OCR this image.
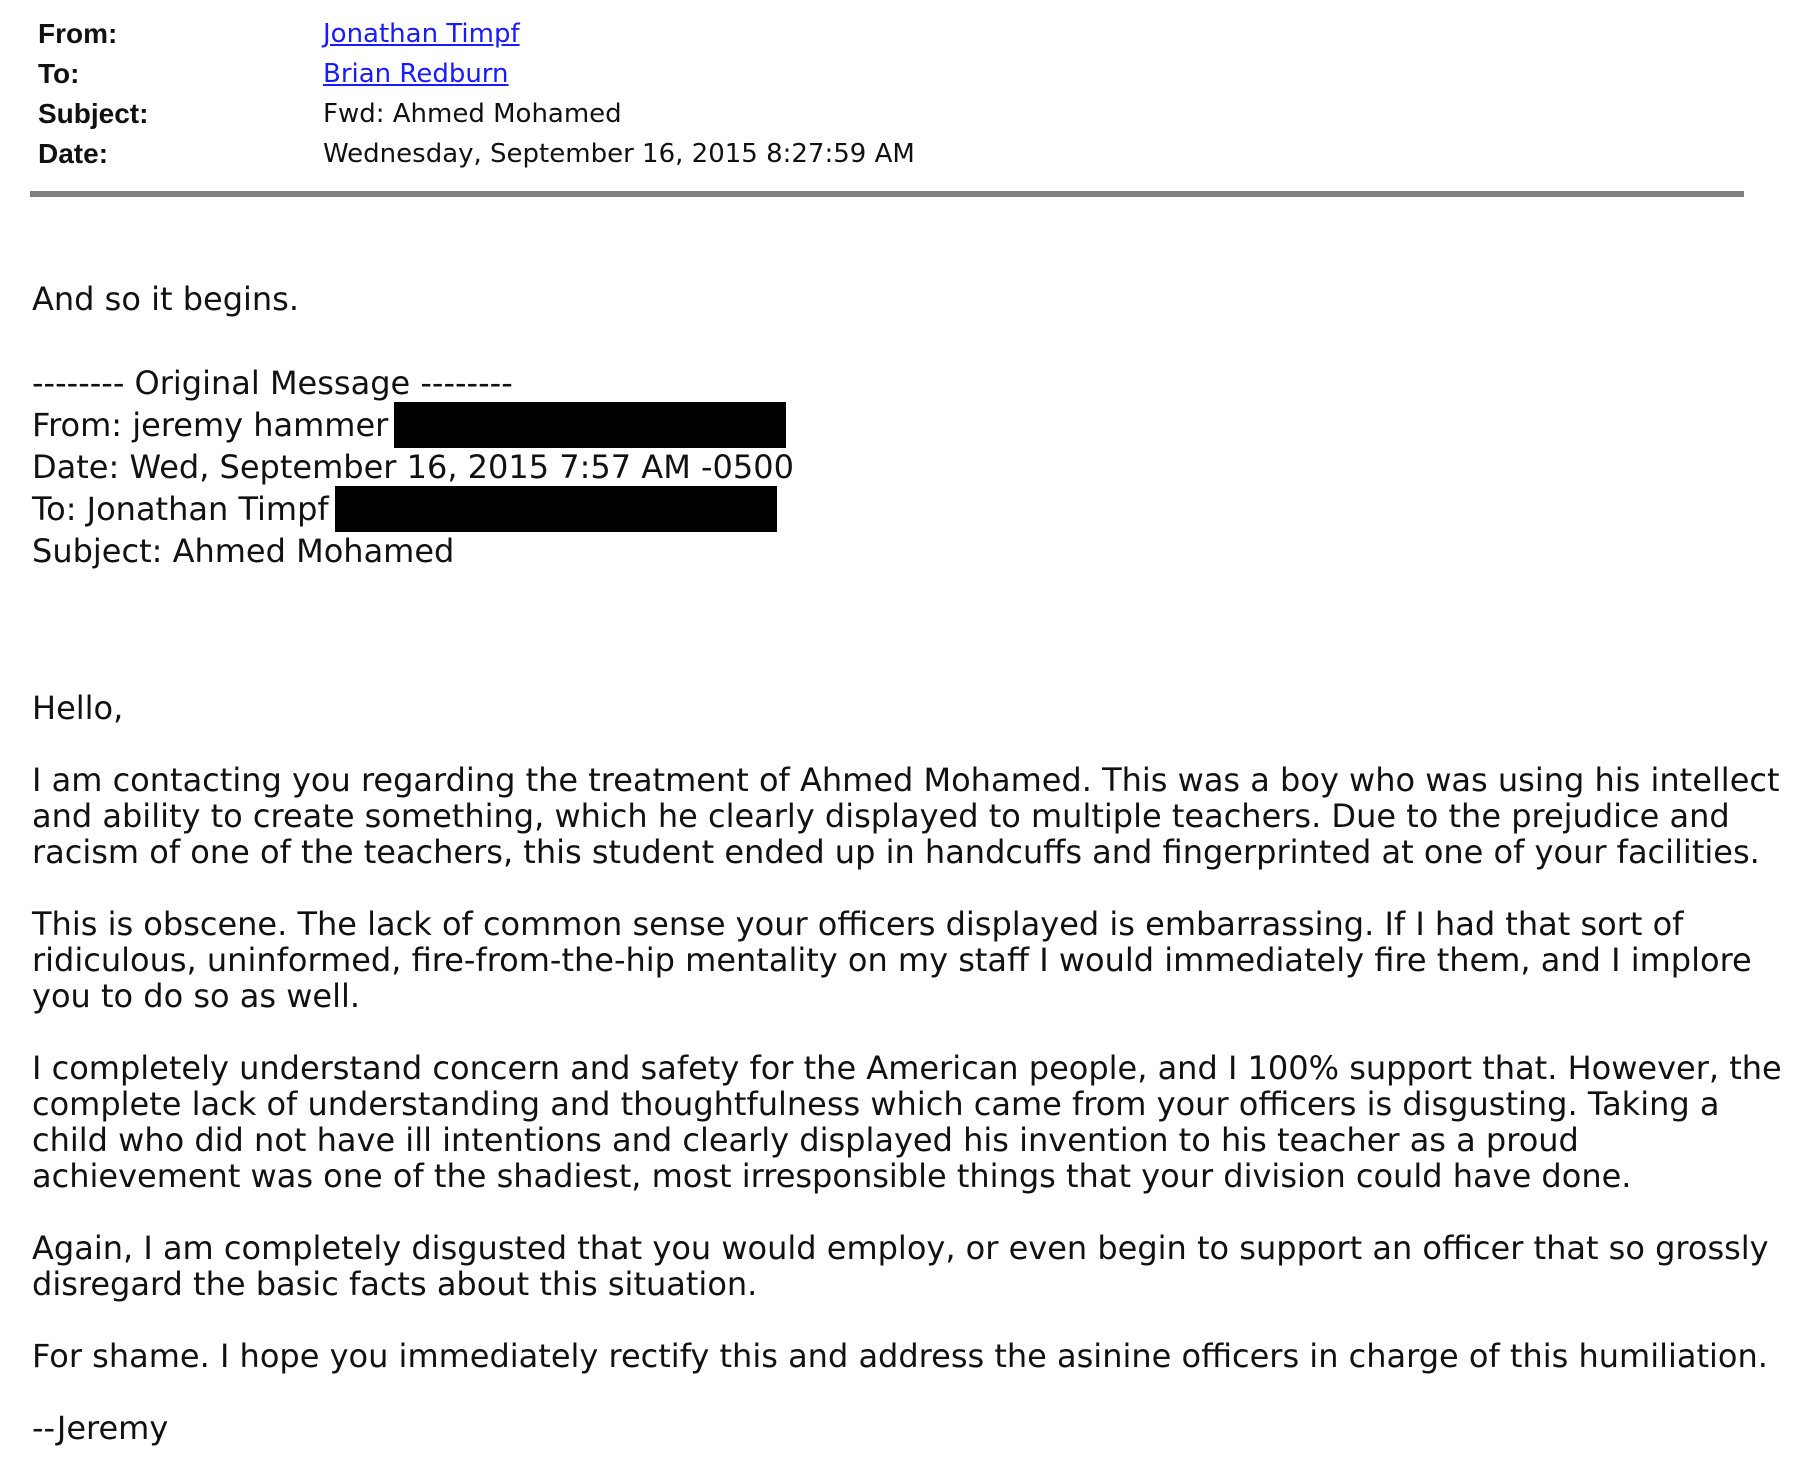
From:	Jonathan Timpf
To:	Brian Redburn
Subject:	Fwd: Ahmed Mohamed
Date:	Wednesday, September 16, 2015 8:27:59 AM
And so it begins.
-------- Original Message --------
From: jeremy hammer
Date: Wed, September 16, 2015 7:57 AM -0500
To: Jonathan Timpf
Subject: Ahmed Mohamed

Hello,

I am contacting you regarding the treatment of Ahmed Mohamed. This was a boy who was using his intellect and ability to create something, which he clearly displayed to multiple teachers. Due to the prejudice and racism of one of the teachers, this student ended up in handcuffs and fingerprinted at one of your facilities.

This is obscene. The lack of common sense your officers displayed is embarrassing. If I had that sort of ridiculous, uninformed, fire-from-the-hip mentality on my staff I would immediately fire them, and I implore you to do so as well.

I completely understand concern and safety for the American people, and I 100% support that. However, the complete lack of understanding and thoughtfulness which came from your officers is disgusting. Taking a child who did not have ill intentions and clearly displayed his invention to his teacher as a proud achievement was one of the shadiest, most irresponsible things that your division could have done.

Again, I am completely disgusted that you would employ, or even begin to support an officer that so grossly disregard the basic facts about this situation.

For shame. I hope you immediately rectify this and address the asinine officers in charge of this humiliation.

--Jeremy
